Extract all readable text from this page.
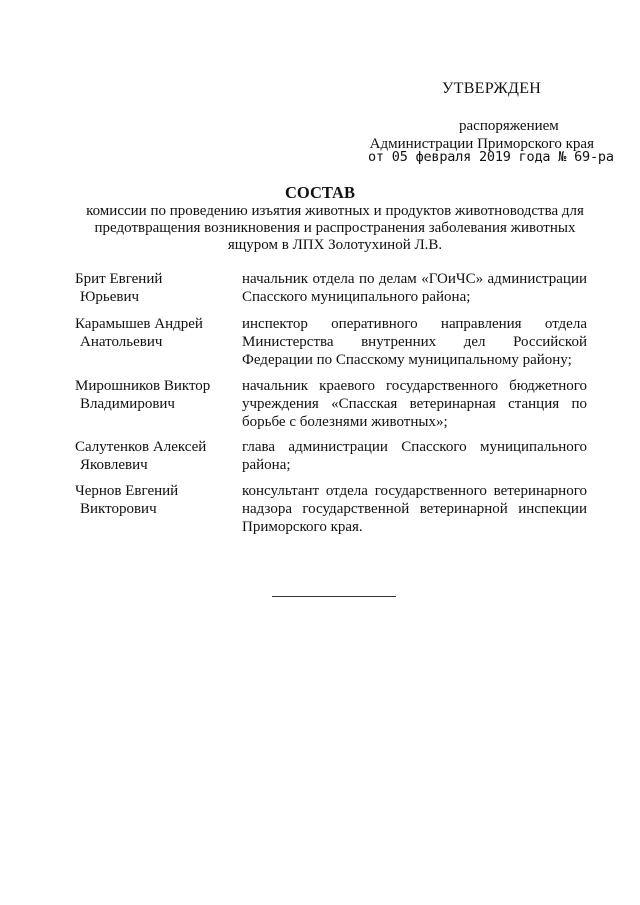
УТВЕРЖДЕН
распоряжением
Администрации Приморского края
от 05 февраля 2019 года № 69-ра
СОСТАВ
комиссии по проведению изъятия животных и продуктов животноводства для
предотвращения возникновения и распространения заболевания животных
ящуром в ЛПХ Золотухиной Л.В.
Брит Евгений
Юрьевич
начальник отдела по делам «ГОиЧС» администрации Спасского муниципального района;
Карамышев Андрей
Анатольевич
инспектор оперативного направления отдела Министерства внутренних дел Российской Федерации по Спасскому муниципальному району;
Мирошников Виктор
Владимирович
начальник краевого государственного бюджетного учреждения «Спасская ветеринарная станция по борьбе с болезнями животных»;
Салутенков Алексей
Яковлевич
глава администрации Спасского муниципального района;
Чернов Евгений
Викторович
консультант отдела государственного ветеринарного надзора государственной ветеринарной инспекции Приморского края.
